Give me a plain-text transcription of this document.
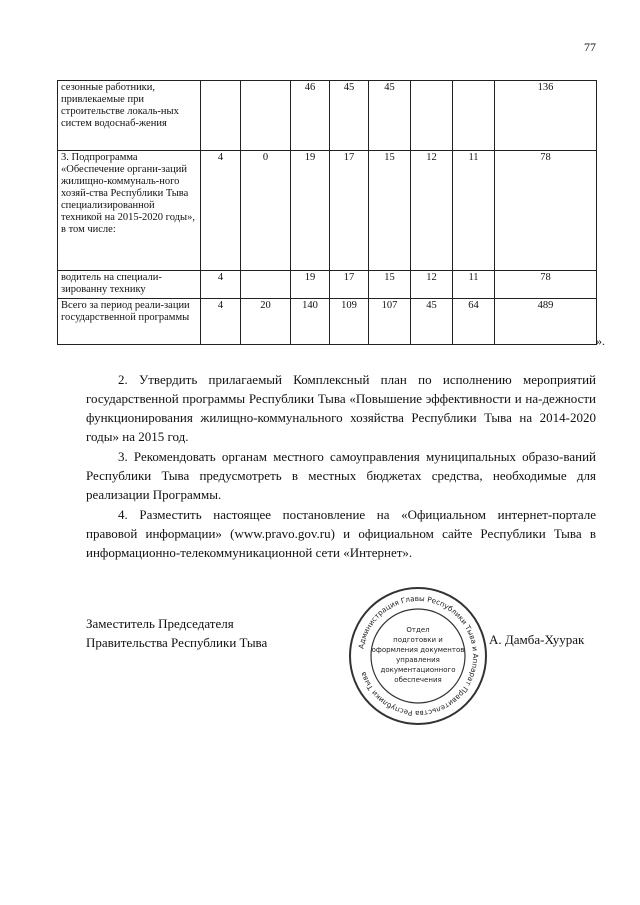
77
сезонные работники, привлекаемые при строительстве локаль-ных систем водоснаб-жения			46	45	45			136
3. Подпрограмма «Обеспечение органи-заций жилищно-коммуналь-ного хозяй-ства Республики Тыва специализированной техникой на 2015-2020 годы», в том числе:	4	0	19	17	15	12	11	78
водитель на специали-зированну технику	4		19	17	15	12	11	78
Всего за период реали-зации государственной программы	4	20	140	109	107	45	64	489
».

2. Утвердить прилагаемый Комплексный план по исполнению мероприятий государственной программы Республики Тыва «Повышение эффективности и на-дежности функционирования жилищно-коммунального хозяйства Республики Тыва на 2014-2020 годы» на 2015 год.

3. Рекомендовать органам местного самоуправления муниципальных образо-ваний Республики Тыва предусмотреть в местных бюджетах средства, необходимые для реализации Программы.

4. Разместить настоящее постановление на «Официальном интернет-портале правовой информации» (www.pravo.gov.ru) и официальном сайте Республики Тыва в информационно-телекоммуникационной сети «Интернет».

Заместитель Председателя
Правительства Республики Тыва	Администрация Главы Республики Тыва и Аппарат Правительства Республики Тыва
Отдел
подготовки и
оформления документов
управления
документационного
обеспечения
А. Дамба-Хуурак
